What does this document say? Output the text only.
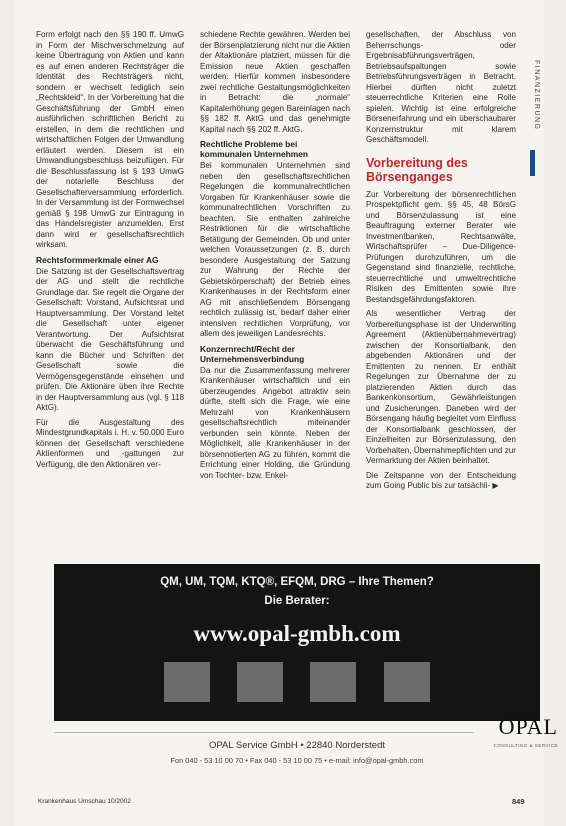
Form erfolgt nach den §§ 190 ff. UmwG in Form der Mischverschmelzung auf keine Übertragung von Aktien und kann es auf einen anderen Rechtsträger die Identität des Rechtsträgers nicht, sondern er wechselt lediglich sein „Rechtskleid“. In der Vorbereitung hat die Geschäftsführung der GmbH einen ausführlichen schriftlichen Bericht zu erstellen, in dem die rechtlichen und wirtschaftlichen Folgen der Umwandlung erläutert werden. Diesem ist ein Umwandlungsbeschluss beizufügen. Für die Beschlussfassung ist § 193 UmwG der notarielle Beschluss der Gesellschafterversammlung erforderlich. In der Versammlung ist der Formwechsel gemäß § 198 UmwG zur Eintragung in das Handelsregister anzumelden. Erst dann wird er gesellschaftsrechtlich wirksam.

Rechtsformmerkmale einer AG

Die Satzung ist der Gesellschaftsvertrag der AG und stellt die rechtliche Grundlage dar. Sie regelt die Organe der Gesellschaft: Vorstand, Aufsichtsrat und Hauptversammlung. Der Vorstand leitet die Gesellschaft unter eigener Verantwortung. Der Aufsichtsrat überwacht die Geschäftsführung und kann die Bücher und Schriften der Gesellschaft sowie die Vermögensgegenstände einsehen und prüfen. Die Aktionäre üben ihre Rechte in der Hauptversammlung aus (vgl. § 118 AktG).

Für die Ausgestaltung des Mindestgrundkapitals i. H. v. 50.000 Euro können der Gesellschaft verschiedene Aktienformen und -gattungen zur Verfügung, die den Aktionären ver-

schiedene Rechte gewähren. Werden bei der Börsenplatzierung nicht nur die Aktien der Altaktionäre platziert, müssen für die Emission neue Aktien geschaffen werden. Hierfür kommen insbesondere zwei rechtliche Gestaltungsmöglichkeiten in Betracht: die „normale“ Kapitalerhöhung gegen Bareinlagen nach §§ 182 ff. AktG und das genehmigte Kapital nach §§ 202 ff. AktG.

Rechtliche Probleme bei kommunalen Unternehmen

Bei kommunalen Unternehmen sind neben den gesellschaftsrechtlichen Regelungen die kommunalrechtlichen Vorgaben für Krankenhäuser sowie die kommunalrechtlichen Vorschriften zu beachten. Sie enthalten zahlreiche Restriktionen für die wirtschaftliche Betätigung der Gemeinden. Ob und unter welchen Voraussetzungen (z. B. durch besondere Ausgestaltung der Satzung zur Wahrung der Rechte der Gebietskörperschaft) der Betrieb eines Krankenhauses in der Rechtsform einer AG mit anschließendem Börsengang rechtlich zulässig ist, bedarf daher einer intensiven rechtlichen Vorprüfung, vor allem des jeweiligen Landesrechts.

Konzernrecht/Recht der Unternehmensverbindung

Da nur die Zusammenfassung mehrerer Krankenhäuser wirtschaftlich und ein überzeugendes Angebot attraktiv sein dürfte, stellt sich die Frage, wie eine Mehrzahl von Krankenhäusern gesellschaftsrechtlich miteinander verbunden sein könnte. Neben der Möglichkeit, alle Krankenhäuser in der börsennotierten AG zu führen, kommt die Errichtung einer Holding, die Gründung von Tochter- bzw. Enkel-

gesellschaften, der Abschluss von Beherrschungs- oder Ergebnisabführungsverträgen, Betriebsaufspaltungen sowie Betriebsführungsverträgen in Betracht. Hierbei dürften nicht zuletzt steuerrechtliche Kriterien eine Rolle spielen. Wichtig ist eine erfolgreiche Börsenerfahrung und ein überschaubarer Konzernstruktur mit klarem Geschäftsmodell.

Vorbereitung des Börsenganges

Zur Vorbereitung der börsenrechtlichen Prospektpflicht gem. §§ 45, 48 BörsG und Börsenzulassung ist eine Beauftragung externer Berater wie Investmentbanken, Rechtsanwälte, Wirtschaftsprüfer – Due-Diligence-Prüfungen durchzuführen, um die Gegenstand sind finanzielle, rechtliche, steuerrechtliche und umweltrechtliche Risiken des Emittenten sowie ihre Bestandsgefährdungsfaktoren.

Als wesentlicher Vertrag der Vorbereitungsphase ist der Underwriting Agreement (Aktienübernahmevertrag) zwischen der Konsortialbank, den abgebenden Aktionären und der Emittenten zu nennen. Er enthält Regelungen zur Übernahme der zu platzierenden Aktien durch das Bankenkonsortium, Gewährleistungen und Zusicherungen. Daneben wird der Börsengang häufig begleitet vom Einfluss der Konsortialbank geschlossen, der Einzelheiten zur Börsenzulassung, den Vorbehalten, Übernahmepflichten und zur Vermarktung der Aktien beinhaltet.

Die Zeitspanne von der Entscheidung zum Going Public bis zur tatsächli- ▶

FINANZIERUNG
QM, UM, TQM, KTQ®, EFQM, DRG – Ihre Themen?
Die Berater:
www.opal-gmbh.com
OPAL
CONSULTING & SERVICE
OPAL Service GmbH • 22840 Norderstedt
Fon 040 - 53 10 00 70 • Fax 040 - 53 10 00 75 • e-mail: info@opal-gmbh.com
Krankenhaus Umschau 10/2002	849
